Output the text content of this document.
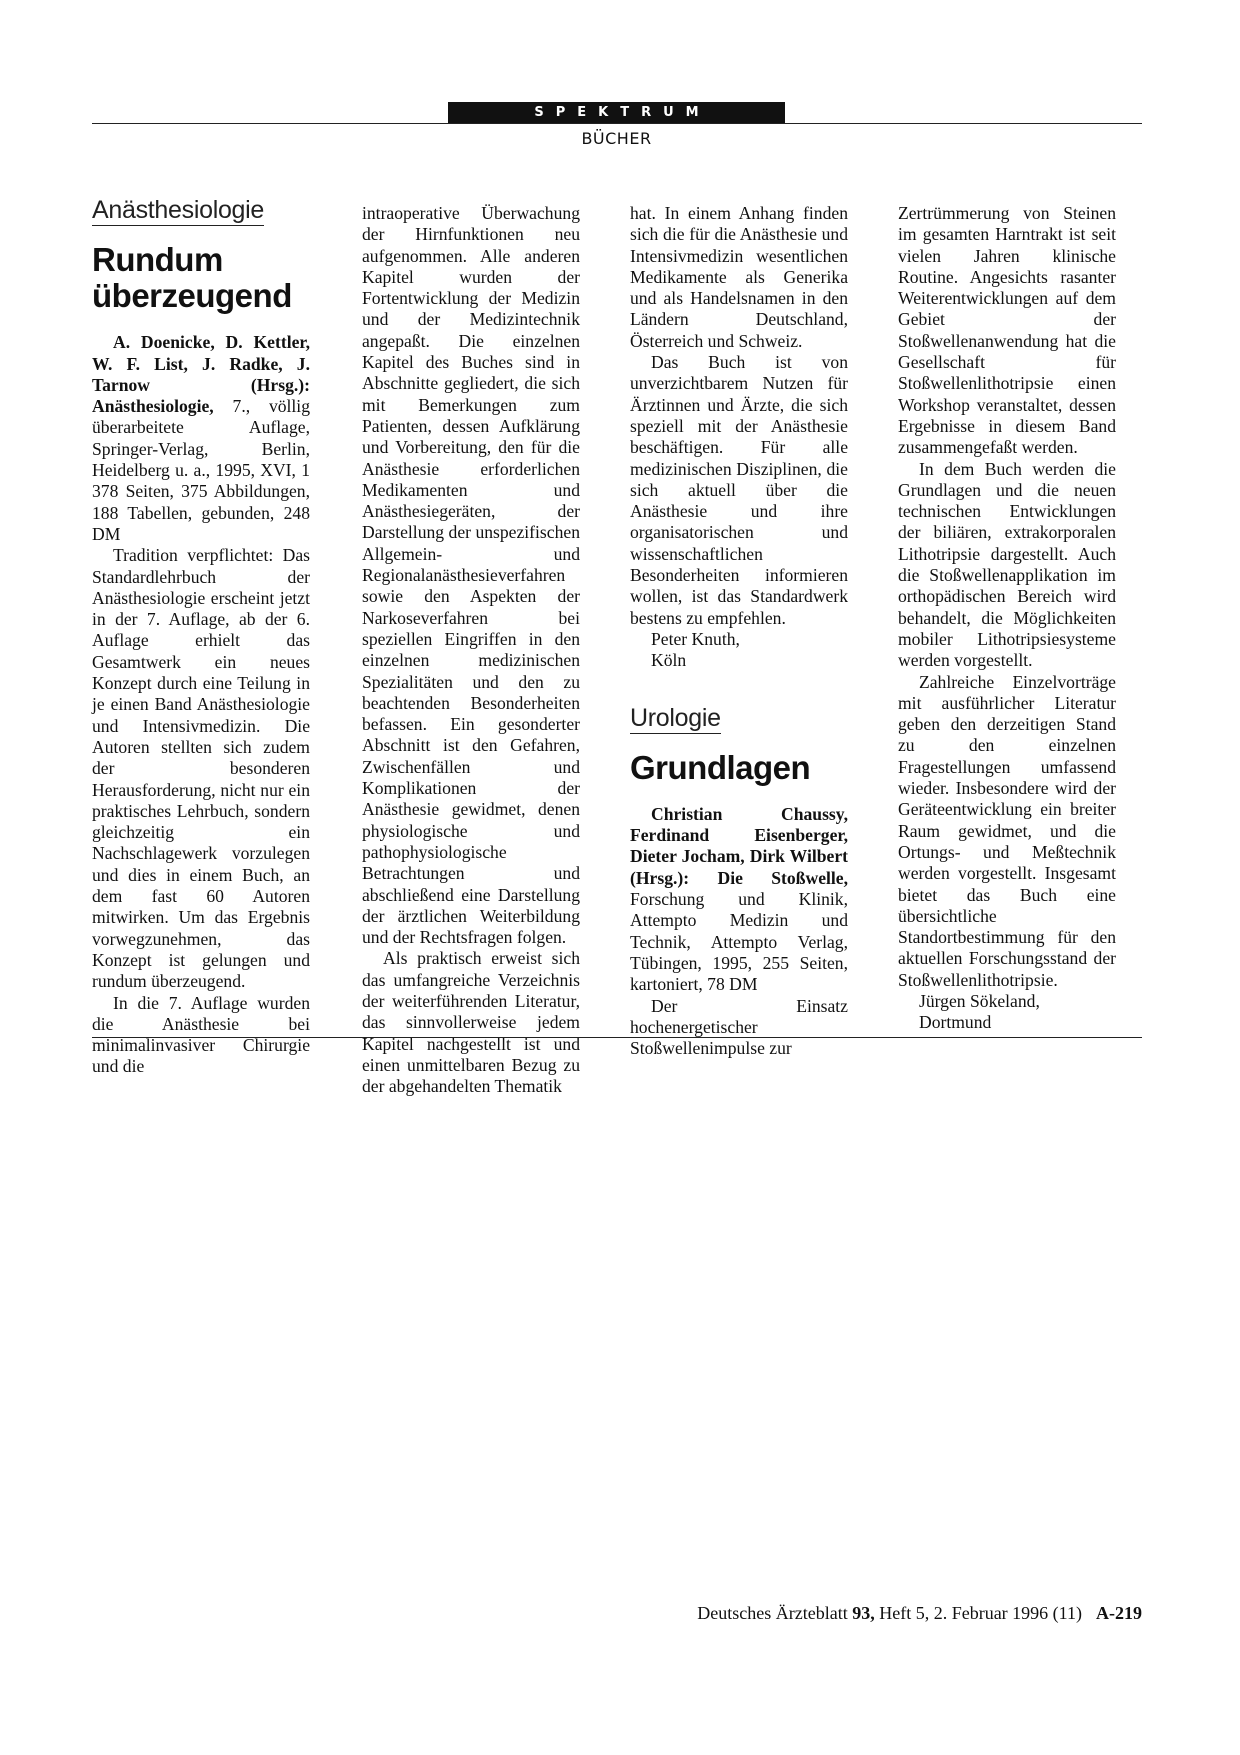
SPEKTRUM
BÜCHER
Anästhesiologie
Rundum
überzeugend

A. Doenicke, D. Kettler, W. F. List, J. Radke, J. Tarnow (Hrsg.): Anästhesiologie, 7., völlig überarbeitete Auflage, Springer-Verlag, Berlin, Heidelberg u. a., 1995, XVI, 1 378 Seiten, 375 Abbildungen, 188 Tabellen, gebunden, 248 DM

Tradition verpflichtet: Das Standardlehrbuch der Anästhesiologie erscheint jetzt in der 7. Auflage, ab der 6. Auflage erhielt das Gesamtwerk ein neues Konzept durch eine Teilung in je einen Band Anästhesiologie und Intensivmedizin. Die Autoren stellten sich zudem der besonderen Herausforderung, nicht nur ein praktisches Lehrbuch, sondern gleichzeitig ein Nachschlagewerk vorzulegen und dies in einem Buch, an dem fast 60 Autoren mitwirken. Um das Ergebnis vorwegzunehmen, das Konzept ist gelungen und rundum überzeugend.

In die 7. Auflage wurden die Anästhesie bei minimalinvasiver Chirurgie und die

intraoperative Überwachung der Hirnfunktionen neu aufgenommen. Alle anderen Kapitel wurden der Fortentwicklung der Medizin und der Medizintechnik angepaßt. Die einzelnen Kapitel des Buches sind in Abschnitte gegliedert, die sich mit Bemerkungen zum Patienten, dessen Aufklärung und Vorbereitung, den für die Anästhesie erforderlichen Medikamenten und Anästhesiegeräten, der Darstellung der unspezifischen Allgemein- und Regionalanästhesieverfahren sowie den Aspekten der Narkoseverfahren bei speziellen Eingriffen in den einzelnen medizinischen Spezialitäten und den zu beachtenden Besonderheiten befassen. Ein gesonderter Abschnitt ist den Gefahren, Zwischenfällen und Komplikationen der Anästhesie gewidmet, denen physiologische und pathophysiologische Betrachtungen und abschließend eine Darstellung der ärztlichen Weiterbildung und der Rechtsfragen folgen.

Als praktisch erweist sich das umfangreiche Verzeichnis der weiterführenden Literatur, das sinnvollerweise jedem Kapitel nachgestellt ist und einen unmittelbaren Bezug zu der abgehandelten Thematik

hat. In einem Anhang finden sich die für die Anästhesie und Intensivmedizin wesentlichen Medikamente als Generika und als Handelsnamen in den Ländern Deutschland, Österreich und Schweiz.

Das Buch ist von unverzichtbarem Nutzen für Ärztinnen und Ärzte, die sich speziell mit der Anästhesie beschäftigen. Für alle medizinischen Disziplinen, die sich aktuell über die Anästhesie und ihre organisatorischen und wissenschaftlichen Besonderheiten informieren wollen, ist das Standardwerk bestens zu empfehlen.

Peter Knuth,

Köln

Urologie
Grundlagen

Christian Chaussy, Ferdinand Eisenberger, Dieter Jocham, Dirk Wilbert (Hrsg.): Die Stoßwelle, Forschung und Klinik, Attempto Medizin und Technik, Attempto Verlag, Tübingen, 1995, 255 Seiten, kartoniert, 78 DM

Der Einsatz hochenergetischer Stoßwellenimpulse zur

Zertrümmerung von Steinen im gesamten Harntrakt ist seit vielen Jahren klinische Routine. Angesichts rasanter Weiterentwicklungen auf dem Gebiet der Stoßwellenanwendung hat die Gesellschaft für Stoßwellenlithotripsie einen Workshop veranstaltet, dessen Ergebnisse in diesem Band zusammengefaßt werden.

In dem Buch werden die Grundlagen und die neuen technischen Entwicklungen der biliären, extrakorporalen Lithotripsie dargestellt. Auch die Stoßwellenapplikation im orthopädischen Bereich wird behandelt, die Möglichkeiten mobiler Lithotripsiesysteme werden vorgestellt.

Zahlreiche Einzelvorträge mit ausführlicher Literatur geben den derzeitigen Stand zu den einzelnen Fragestellungen umfassend wieder. Insbesondere wird der Geräteentwicklung ein breiter Raum gewidmet, und die Ortungs- und Meßtechnik werden vorgestellt. Insgesamt bietet das Buch eine übersichtliche Standortbestimmung für den aktuellen Forschungsstand der Stoßwellenlithotripsie.

Jürgen Sökeland,

Dortmund

Deutsches Ärzteblatt 93, Heft 5, 2. Februar 1996 (11) A-219
